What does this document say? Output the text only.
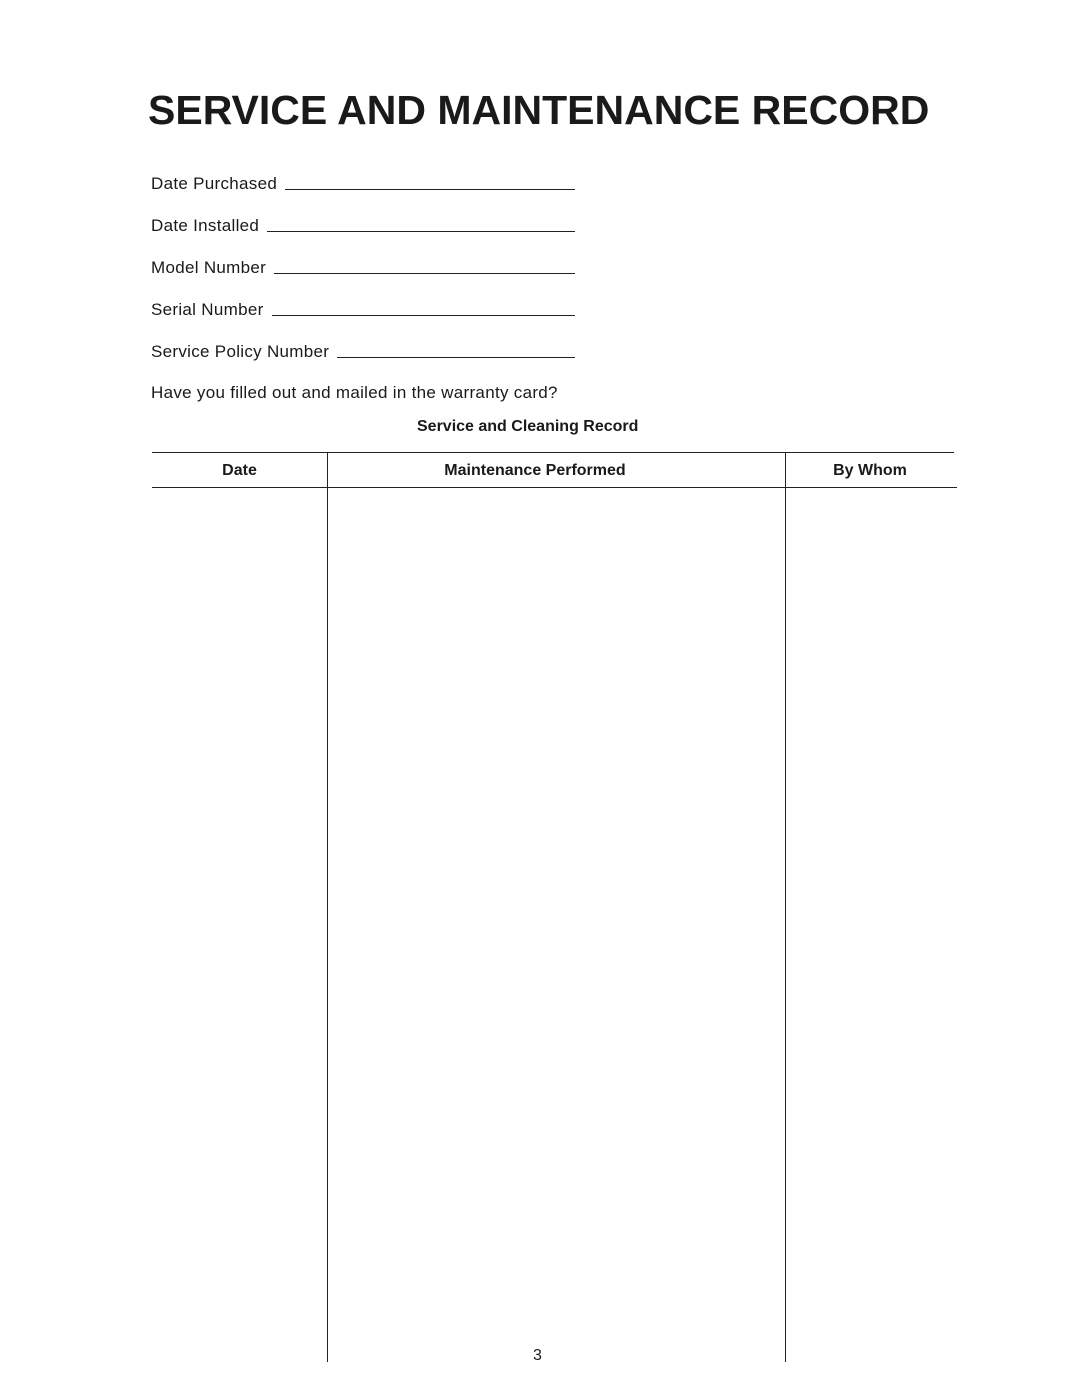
SERVICE AND MAINTENANCE RECORD
Date Purchased
Date Installed
Model Number
Serial Number
Service Policy Number
Have you filled out and mailed in the warranty card?
Service and Cleaning Record
Date	Maintenance Performed	By Whom
3
